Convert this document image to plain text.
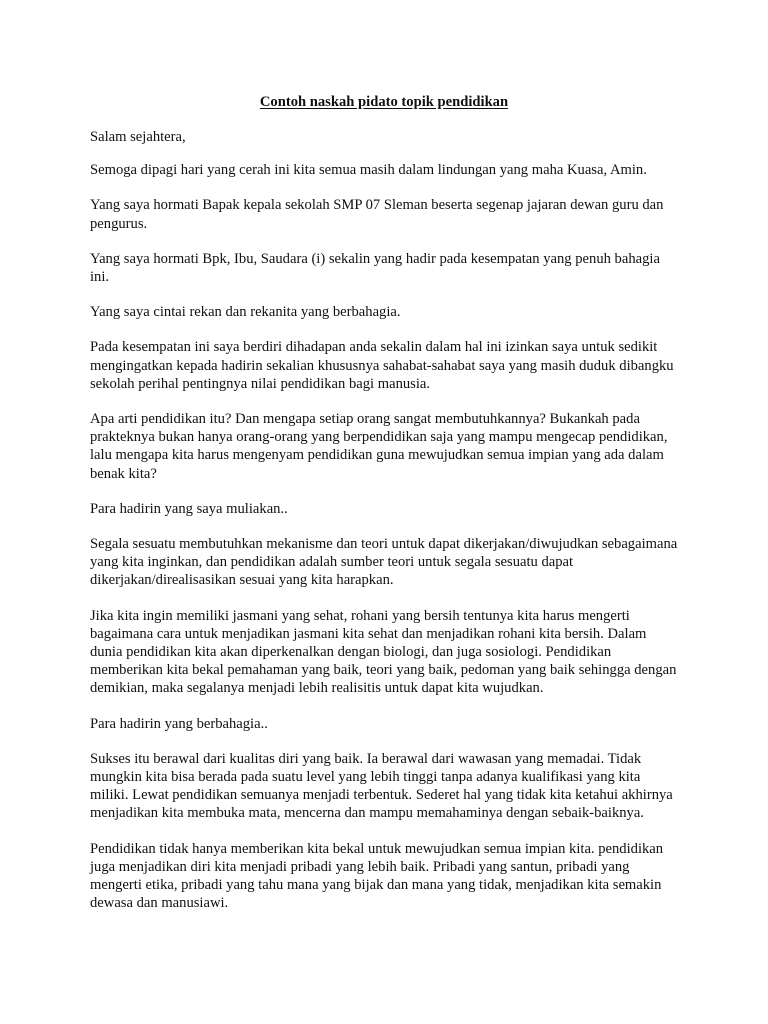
Contoh naskah pidato topik pendidikan

Salam sejahtera,

Semoga dipagi hari yang cerah ini kita semua masih dalam lindungan yang maha Kuasa, Amin.

Yang saya hormati Bapak kepala sekolah SMP 07 Sleman beserta segenap jajaran dewan guru dan pengurus.

Yang saya hormati Bpk, Ibu, Saudara (i) sekalin yang hadir pada kesempatan yang penuh bahagia ini.

Yang saya cintai rekan dan rekanita yang berbahagia.

Pada kesempatan ini saya berdiri dihadapan anda sekalin dalam hal ini izinkan saya untuk sedikit mengingatkan kepada hadirin sekalian khususnya sahabat-sahabat saya yang masih duduk dibangku sekolah perihal pentingnya nilai pendidikan bagi manusia.

Apa arti pendidikan itu? Dan mengapa setiap orang sangat membutuhkannya? Bukankah pada prakteknya bukan hanya orang-orang yang berpendidikan saja yang mampu mengecap pendidikan, lalu mengapa kita harus mengenyam pendidikan guna mewujudkan semua impian yang ada dalam benak kita?

Para hadirin yang saya muliakan..

Segala sesuatu membutuhkan mekanisme dan teori untuk dapat dikerjakan/diwujudkan sebagaimana yang kita inginkan, dan pendidikan adalah sumber teori untuk segala sesuatu dapat dikerjakan/direalisasikan sesuai yang kita harapkan.

Jika kita ingin memiliki jasmani yang sehat, rohani yang bersih tentunya kita harus mengerti bagaimana cara untuk menjadikan jasmani kita sehat dan menjadikan rohani kita bersih. Dalam dunia pendidikan kita akan diperkenalkan dengan biologi, dan juga sosiologi. Pendidikan memberikan kita bekal pemahaman yang baik, teori yang baik, pedoman yang baik sehingga dengan demikian, maka segalanya menjadi lebih realisitis untuk dapat kita wujudkan.

Para hadirin yang berbahagia..

Sukses itu berawal dari kualitas diri yang baik. Ia berawal dari wawasan yang memadai. Tidak mungkin kita bisa berada pada suatu level yang lebih tinggi tanpa adanya kualifikasi yang kita miliki. Lewat pendidikan semuanya menjadi terbentuk. Sederet hal yang tidak kita ketahui akhirnya menjadikan kita membuka mata, mencerna dan mampu memahaminya dengan sebaik-baiknya.

Pendidikan tidak hanya memberikan kita bekal untuk mewujudkan semua impian kita. pendidikan juga menjadikan diri kita menjadi pribadi yang lebih baik. Pribadi yang santun, pribadi yang mengerti etika, pribadi yang tahu mana yang bijak dan mana yang tidak, menjadikan kita semakin dewasa dan manusiawi.
